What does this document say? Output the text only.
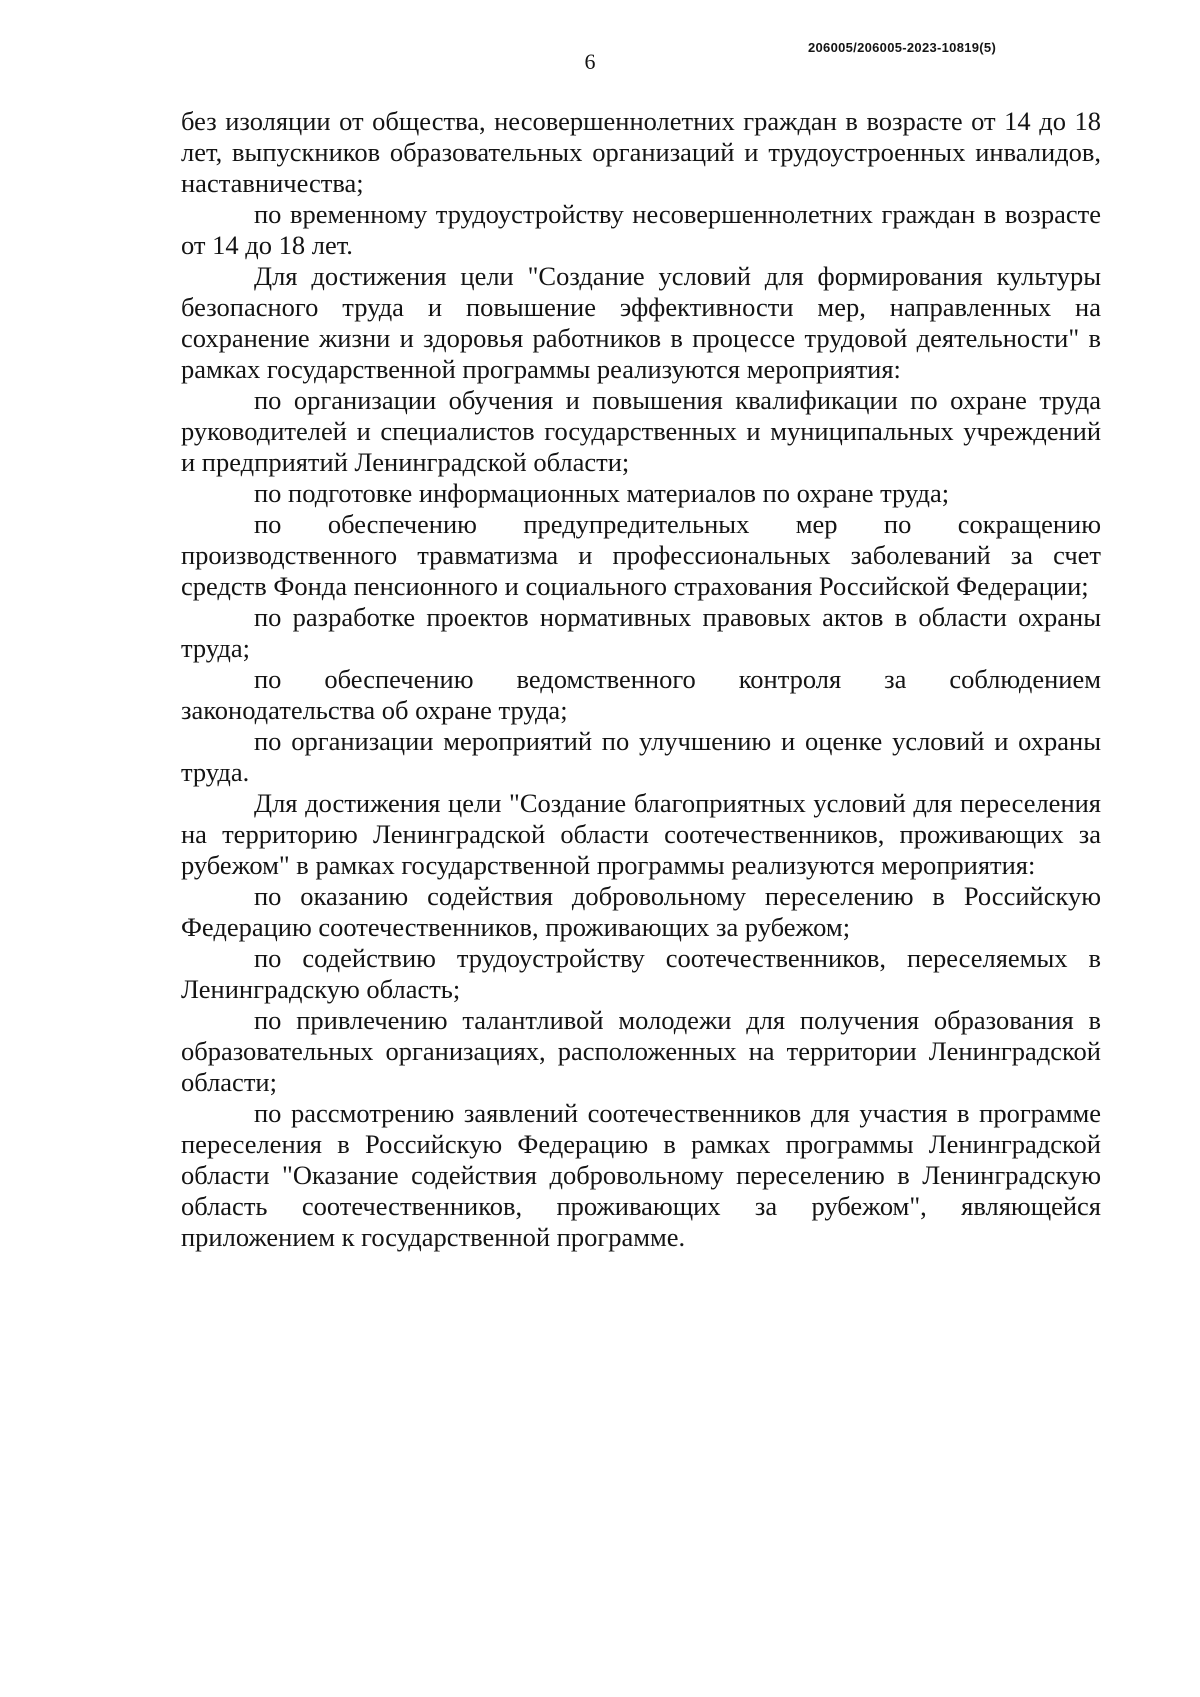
206005/206005-2023-10819(5)
6

без изоляции от общества, несовершеннолетних граждан в возрасте от 14 до 18 лет, выпускников образовательных организаций и трудоустроенных инвалидов, наставничества;

по временному трудоустройству несовершеннолетних граждан в возрасте от 14 до 18 лет.

Для достижения цели "Создание условий для формирования культуры безопасного труда и повышение эффективности мер, направленных на сохранение жизни и здоровья работников в процессе трудовой деятельности" в рамках государственной программы реализуются мероприятия:

по организации обучения и повышения квалификации по охране труда руководителей и специалистов государственных и муниципальных учреждений и предприятий Ленинградской области;

по подготовке информационных материалов по охране труда;

по обеспечению предупредительных мер по сокращению производственного травматизма и профессиональных заболеваний за счет средств Фонда пенсионного и социального страхования Российской Федерации;

по разработке проектов нормативных правовых актов в области охраны труда;

по обеспечению ведомственного контроля за соблюдением законодательства об охране труда;

по организации мероприятий по улучшению и оценке условий и охраны труда.

Для достижения цели "Создание благоприятных условий для переселения на территорию Ленинградской области соотечественников, проживающих за рубежом" в рамках государственной программы реализуются мероприятия:

по оказанию содействия добровольному переселению в Российскую Федерацию соотечественников, проживающих за рубежом;

по содействию трудоустройству соотечественников, переселяемых в Ленинградскую область;

по привлечению талантливой молодежи для получения образования в образовательных организациях, расположенных на территории Ленинградской области;

по рассмотрению заявлений соотечественников для участия в программе переселения в Российскую Федерацию в рамках программы Ленинградской области "Оказание содействия добровольному переселению в Ленинградскую область соотечественников, проживающих за рубежом", являющейся приложением к государственной программе.
